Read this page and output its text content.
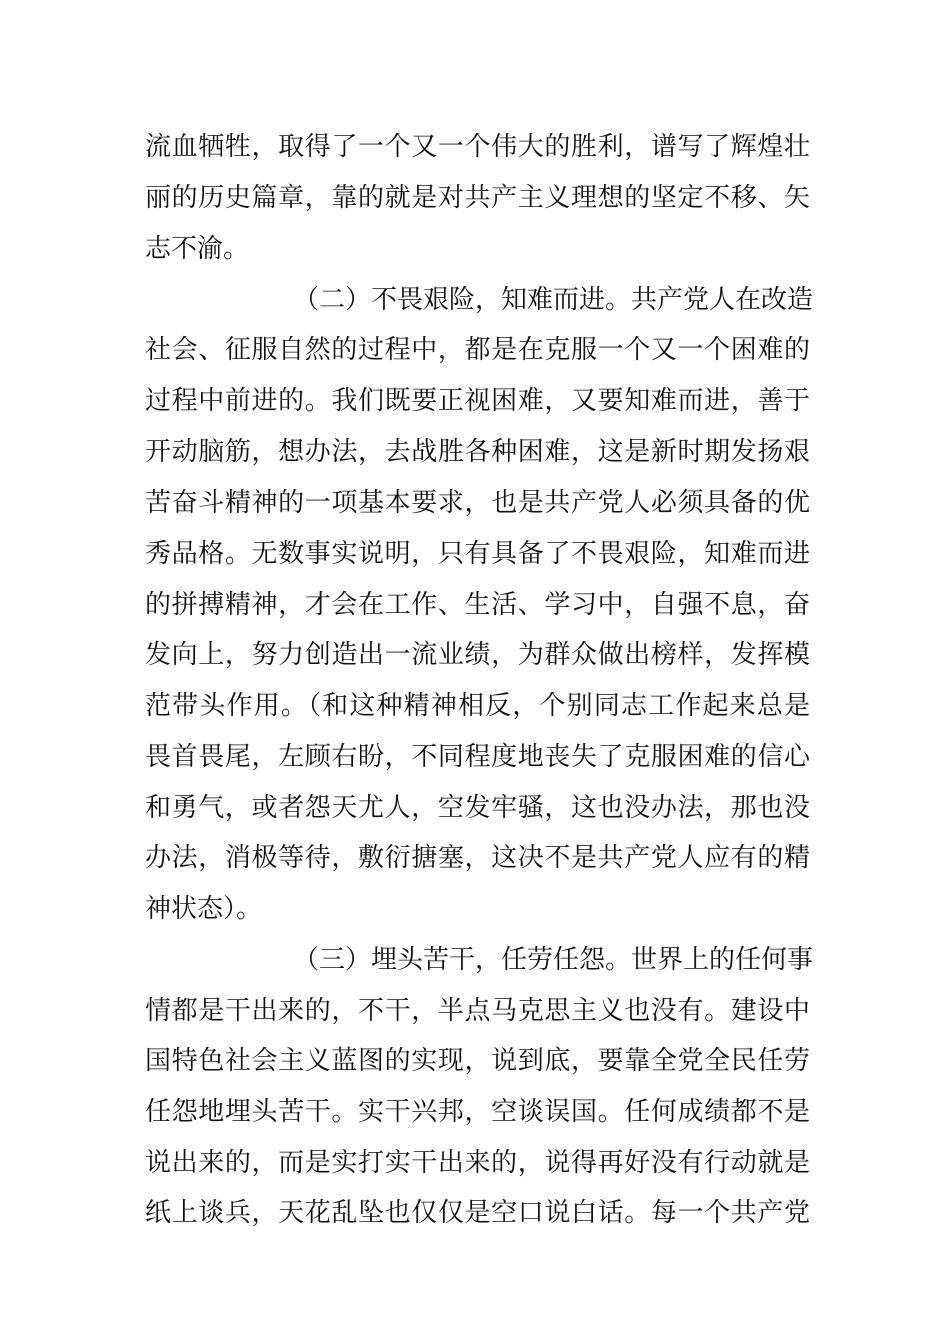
流血牺牲，取得了一个又一个伟大的胜利，谱写了辉煌壮

丽的历史篇章，靠的就是对共产主义理想的坚定不移、矢

志不渝。

（二）不畏艰险，知难而进。共产党人在改造

社会、征服自然的过程中，都是在克服一个又一个困难的

过程中前进的。我们既要正视困难，又要知难而进，善于

开动脑筋，想办法，去战胜各种困难，这是新时期发扬艰

苦奋斗精神的一项基本要求，也是共产党人必须具备的优

秀品格。无数事实说明，只有具备了不畏艰险，知难而进

的拼搏精神，才会在工作、生活、学习中，自强不息，奋

发向上，努力创造出一流业绩，为群众做出榜样，发挥模

范带头作用。（和这种精神相反，个别同志工作起来总是

畏首畏尾，左顾右盼，不同程度地丧失了克服困难的信心

和勇气，或者怨天尤人，空发牢骚，这也没办法，那也没

办法，消极等待，敷衍搪塞，这决不是共产党人应有的精

神状态）。

（三）埋头苦干，任劳任怨。世界上的任何事

情都是干出来的，不干，半点马克思主义也没有。建设中

国特色社会主义蓝图的实现，说到底，要靠全党全民任劳

任怨地埋头苦干。实干兴邦，空谈误国。任何成绩都不是

说出来的，而是实打实干出来的，说得再好没有行动就是

纸上谈兵，天花乱坠也仅仅是空口说白话。每一个共产党
